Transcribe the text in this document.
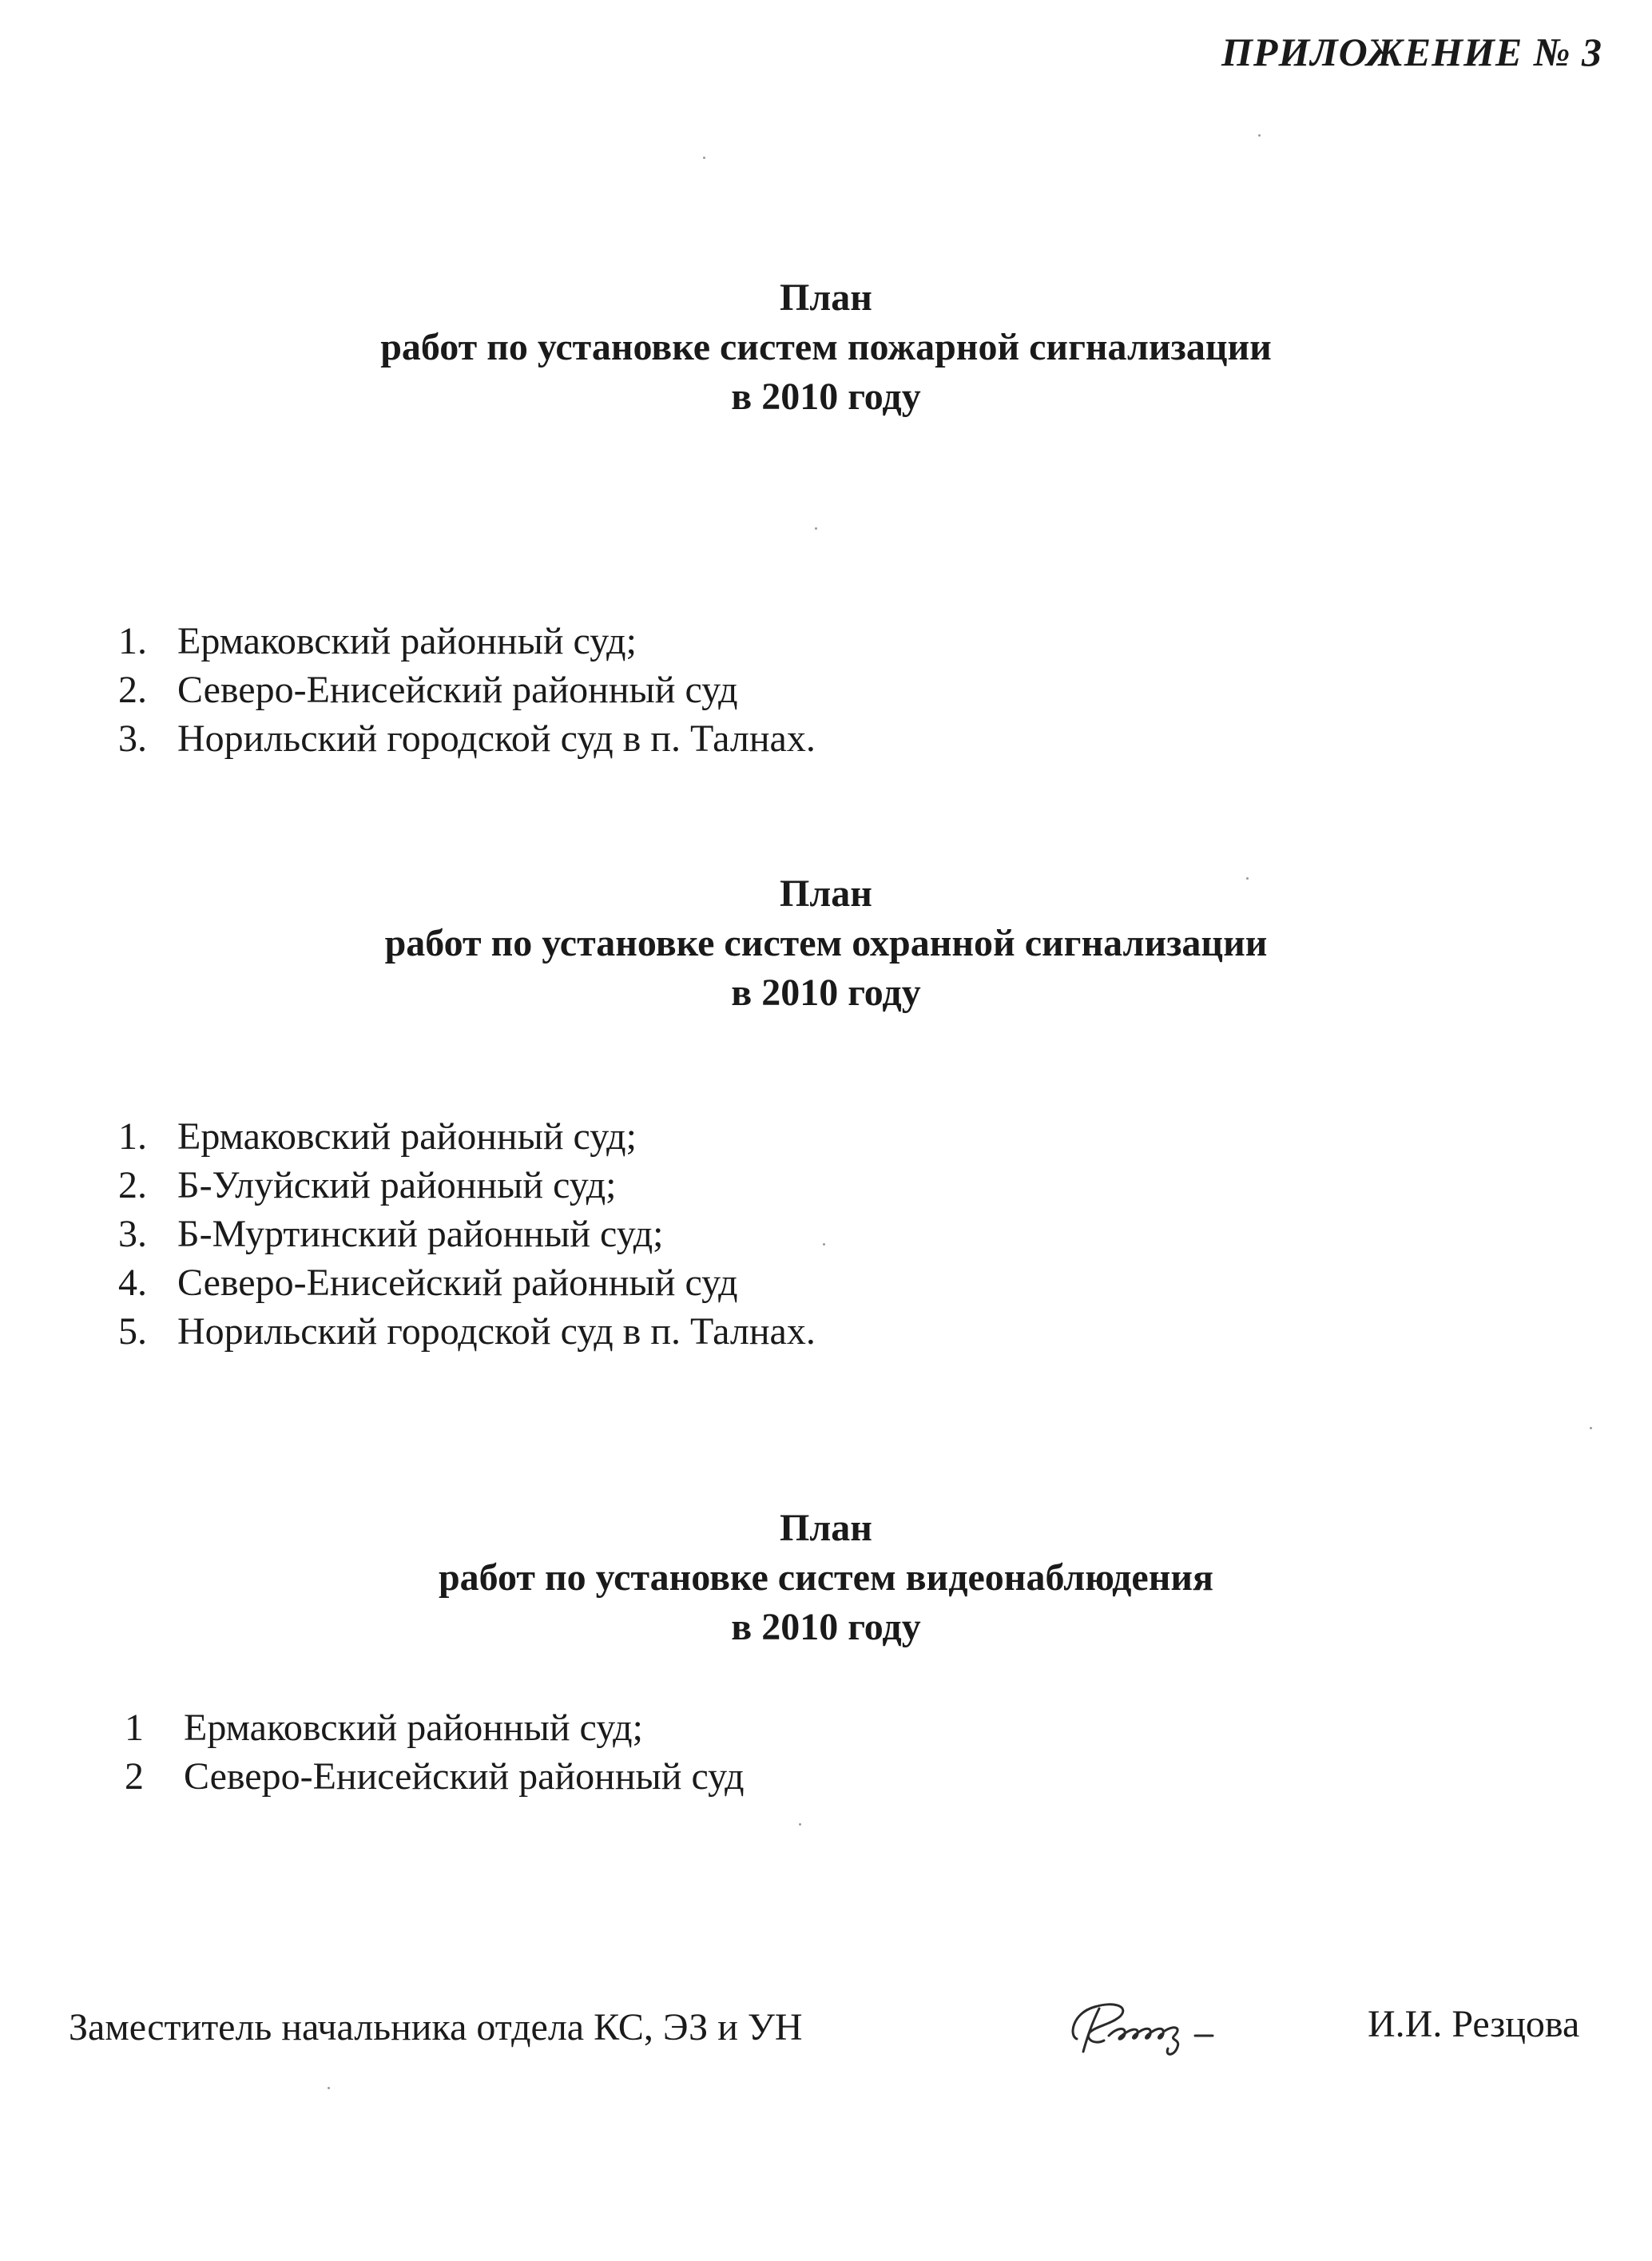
ПРИЛОЖЕНИЕ № 3
План
работ по установке систем пожарной сигнализации
в 2010 году
1. Ермаковский районный суд;
2. Северо-Енисейский районный суд
3. Норильский городской суд в п. Талнах.
План
работ по установке систем охранной сигнализации
в 2010 году
1. Ермаковский районный суд;
2. Б-Улуйский районный суд;
3. Б-Муртинский районный суд;
4. Северо-Енисейский районный суд
5. Норильский городской суд в п. Талнах.
План
работ по установке систем видеонаблюдения
в 2010 году
1	Ермаковский районный суд;
2	Северо-Енисейский районный суд
Заместитель начальника отдела КС, ЭЗ и УН	И.И. Резцова
